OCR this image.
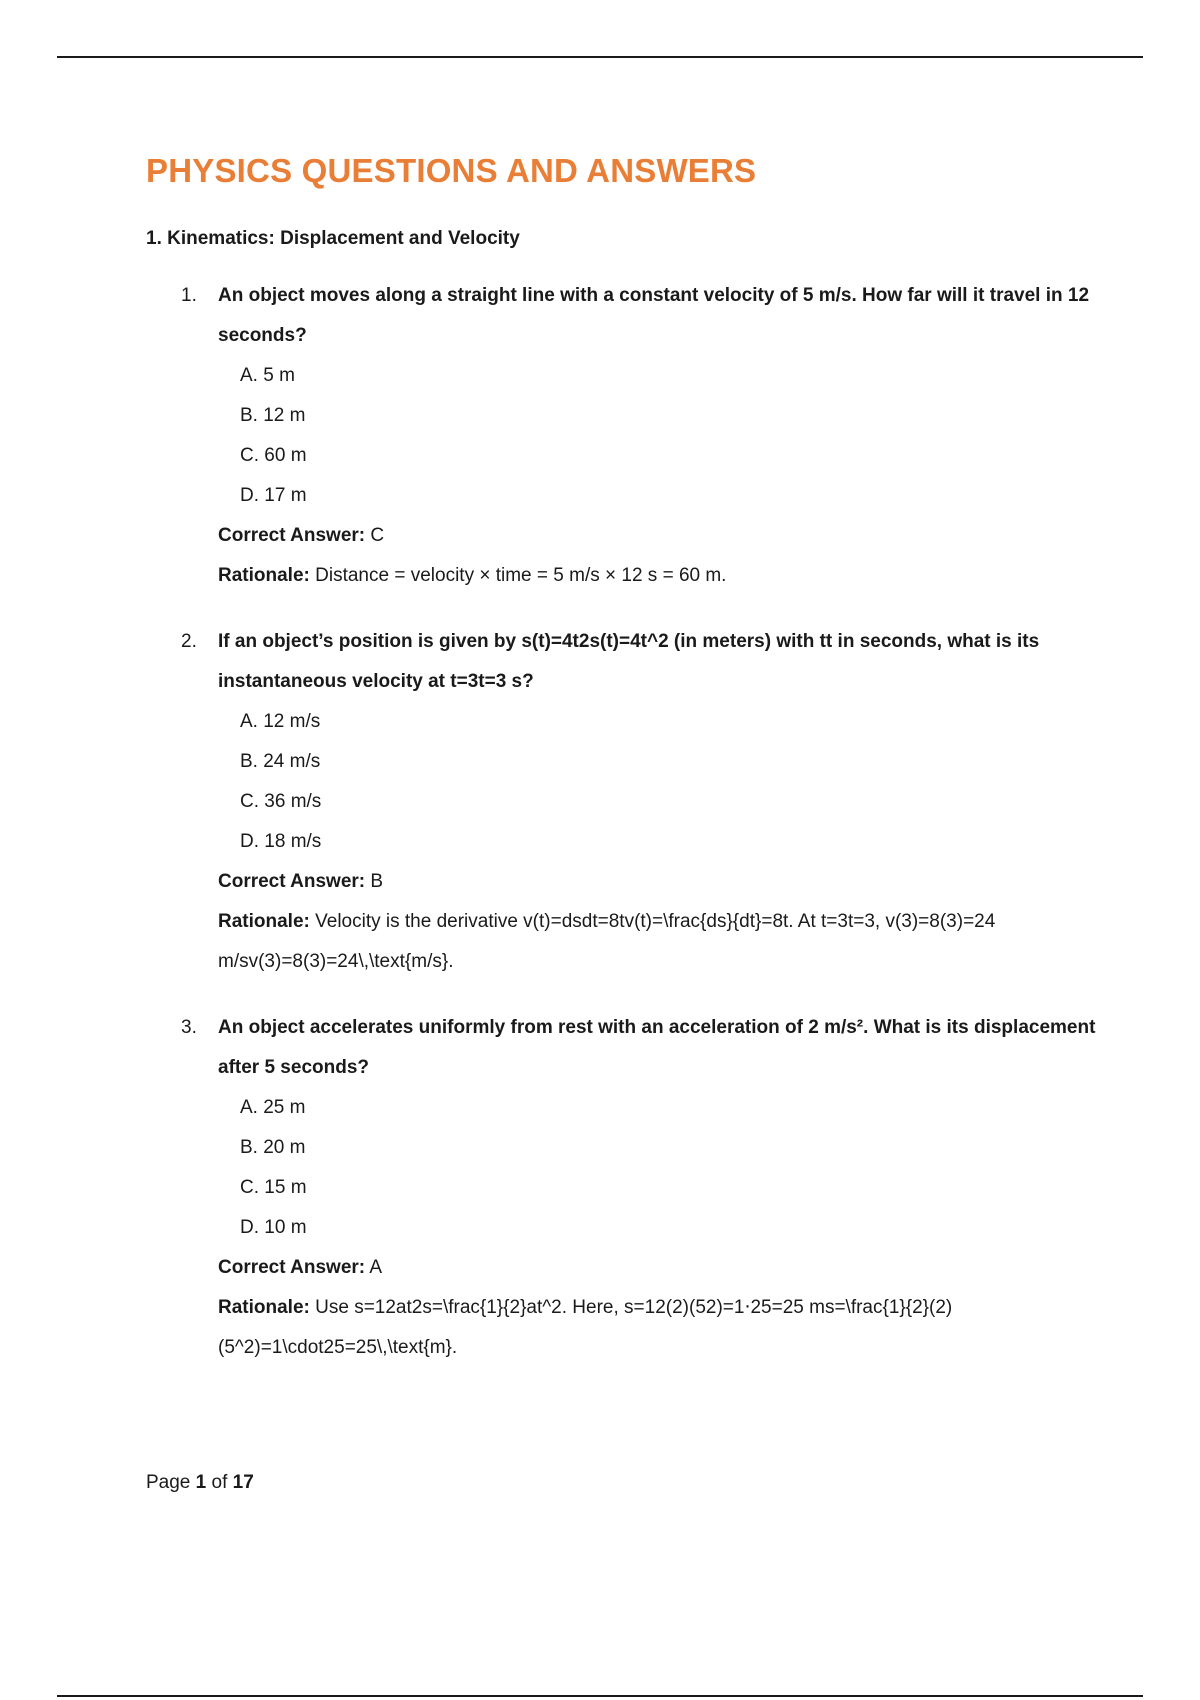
PHYSICS QUESTIONS AND ANSWERS
1. Kinematics: Displacement and Velocity
1. An object moves along a straight line with a constant velocity of 5 m/s. How far will it travel in 12 seconds?
A. 5 m
B. 12 m
C. 60 m
D. 17 m
Correct Answer: C
Rationale: Distance = velocity × time = 5 m/s × 12 s = 60 m.
2. If an object’s position is given by s(t)=4t2s(t)=4t^2 (in meters) with tt in seconds, what is its instantaneous velocity at t=3t=3 s?
A. 12 m/s
B. 24 m/s
C. 36 m/s
D. 18 m/s
Correct Answer: B
Rationale: Velocity is the derivative v(t)=dsdt=8tv(t)=\frac{ds}{dt}=8t. At t=3t=3, v(3)=8(3)=24 m/sv(3)=8(3)=24\,\text{m/s}.
3. An object accelerates uniformly from rest with an acceleration of 2 m/s². What is its displacement after 5 seconds?
A. 25 m
B. 20 m
C. 15 m
D. 10 m
Correct Answer: A
Rationale: Use s=12at2s=\frac{1}{2}at^2. Here, s=12(2)(52)=1⋅25=25 ms=\frac{1}{2}(2)(5^2)=1\cdot25=25\,\text{m}.
Page 1 of 17
